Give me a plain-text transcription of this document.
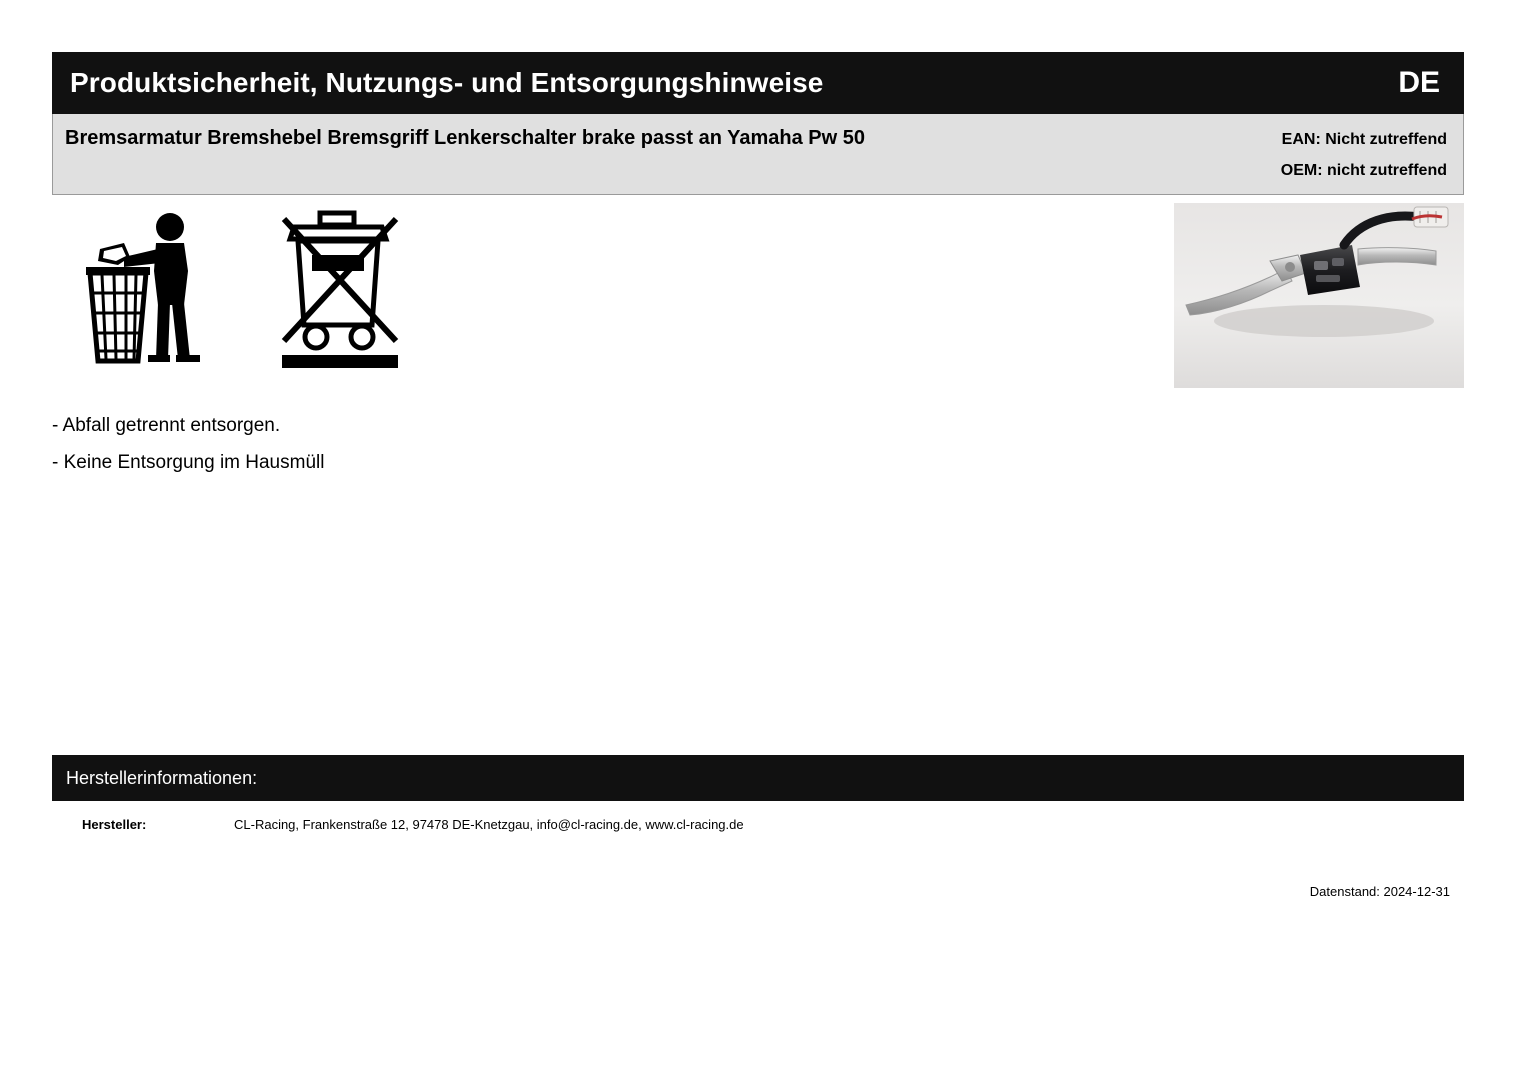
Produktsicherheit, Nutzungs- und Entsorgungshinweise	DE
Bremsarmatur Bremshebel Bremsgriff Lenkerschalter brake passt an Yamaha Pw 50	EAN: Nicht zutreffend
OEM: nicht zutreffend
- Abfall getrennt entsorgen.
- Keine Entsorgung im Hausmüll
Herstellerinformationen:
Hersteller:	CL-Racing, Frankenstraße 12, 97478 DE-Knetzgau, info@cl-racing.de, www.cl-racing.de
Datenstand: 2024-12-31
